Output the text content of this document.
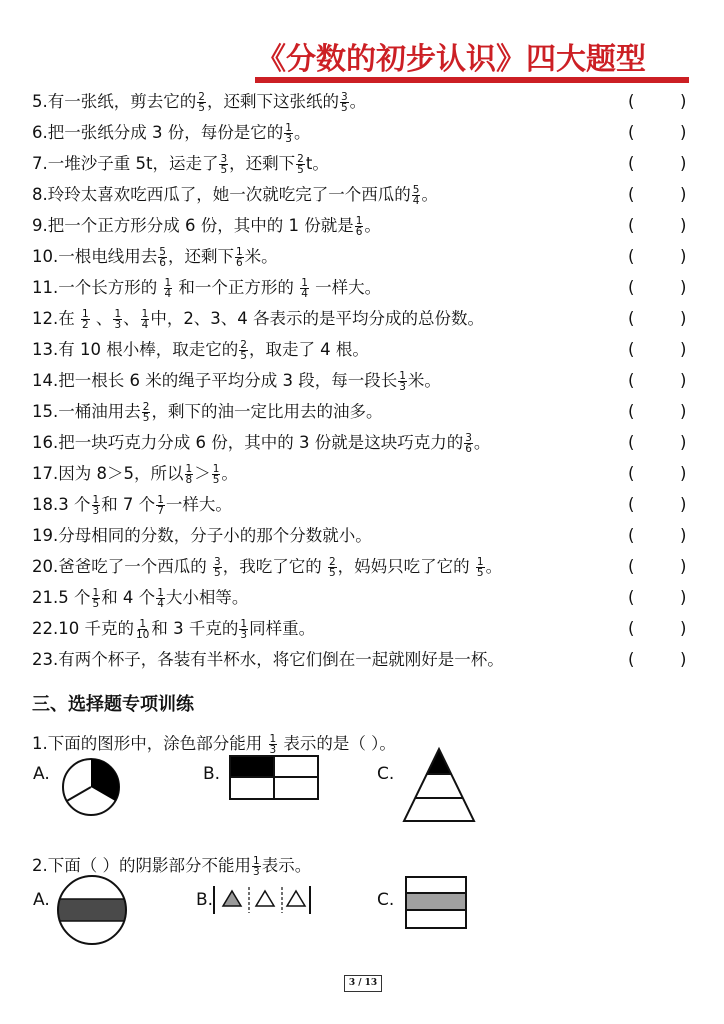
《分数的初步认识》四大题型
5.有一张纸，剪去它的 $\frac{2}{5}$ ，还剩下这张纸的 $\frac{3}{5}$ 。	(	)
6.把一张纸分成 3 份，每份是它的 $\frac{1}{3}$ 。	(	)
7.一堆沙子重 5t，运走了 $\frac{3}{5}$ ，还剩下 $\frac{2}{5}$ t。	(	)
8.玲玲太喜欢吃西瓜了，她一次就吃完了一个西瓜的 $\frac{5}{4}$ 。	(	)
9.把一个正方形分成 6 份，其中的 1 份就是 $\frac{1}{6}$ 。	(	)
10.一根电线用去 $\frac{5}{6}$ ，还剩下 $\frac{1}{6}$ 米。	(	)
11.一个长方形的 $\frac{1}{4}$ 和一个正方形的 $\frac{1}{4}$ 一样大。	(	)
12.在 $\frac{1}{2}$ 、 $\frac{1}{3}$ 、 $\frac{1}{4}$ 中，2、3、4 各表示的是平均分成的总份数。	(	)
13.有 10 根小棒，取走它的 $\frac{2}{5}$ ，取走了 4 根。	(	)
14.把一根长 6 米的绳子平均分成 3 段，每一段长 $\frac{1}{3}$ 米。	(	)
15.一桶油用去 $\frac{2}{5}$ ，剩下的油一定比用去的油多。	(	)
16.把一块巧克力分成 6 份，其中的 3 份就是这块巧克力的 $\frac{3}{6}$ 。	(	)
17.因为 8＞5，所以 $\frac{1}{8} > \frac{1}{5}$ 。	(	)
18.3 个 $\frac{1}{3}$ 和 7 个 $\frac{1}{7}$ 一样大。	(	)
19.分母相同的分数，分子小的那个分数就小。	(	)
20.爸爸吃了一个西瓜的 $\frac{3}{5}$ ，我吃了它的 $\frac{2}{5}$ ，妈妈只吃了它的 $\frac{1}{5}$ 。	(	)
21.5 个 $\frac{1}{5}$ 和 4 个 $\frac{1}{4}$ 大小相等。	(	)
22.10 千克的 $\frac{1}{10}$ 和 3 千克的 $\frac{1}{3}$ 同样重。	(	)
23.有两个杯子，各装有半杯水，将它们倒在一起就刚好是一杯。	(	)
三、选择题专项训练
1.下面的图形中，涂色部分能用 $\frac{1}{3}$ 表示的是（ ）。
A.	B.	C.
2.下面（ ）的阴影部分不能用 $\frac{1}{3}$ 表示。
A.	B.	C.
3 / 13
